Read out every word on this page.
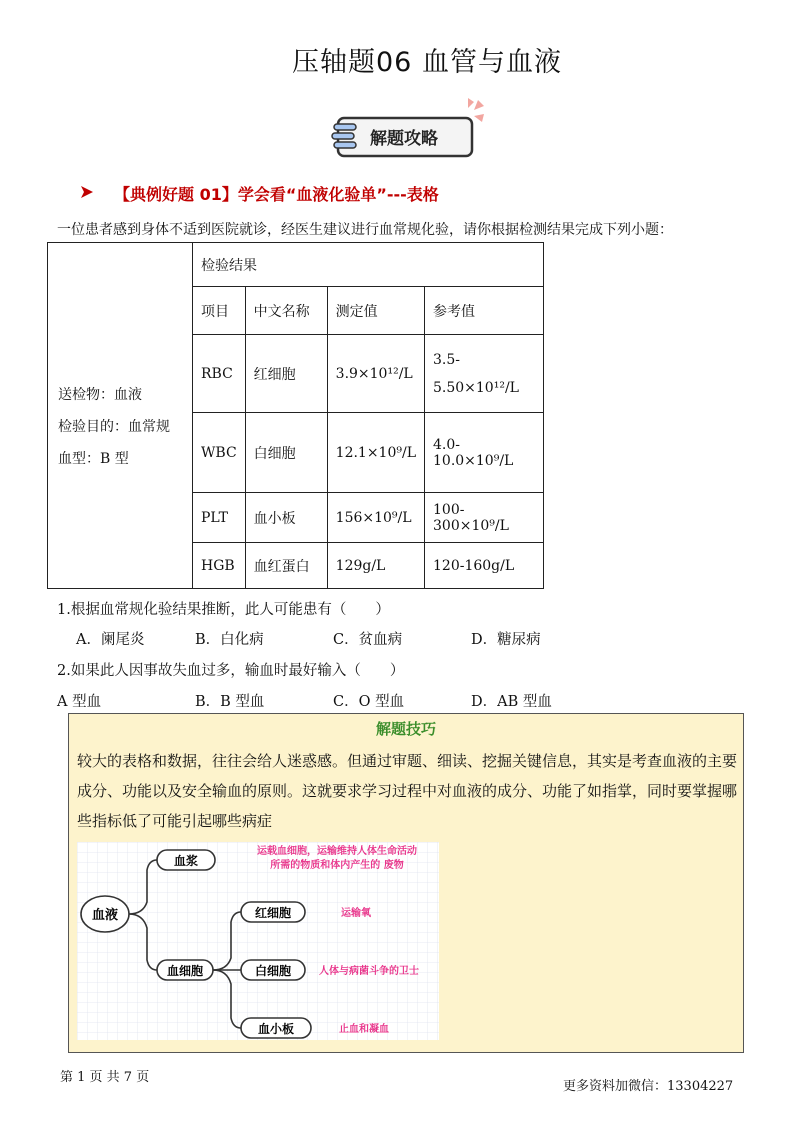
压轴题06 血管与血液
解题攻略
【典例好题 01】学会看“血液化验单”---表格
一位患者感到身体不适到医院就诊，经医生建议进行血常规化验，请你根据检测结果完成下列小题：
送检物：血液
检验目的：血常规
血型：B 型	检验结果			
	项目	中文名称	测定值	参考值
	RBC	红细胞	3.9×10¹²/L	3.5-5.50×10¹²/L
	WBC	白细胞	12.1×10⁹/L	4.0-10.0×10⁹/L
	PLT	血小板	156×10⁹/L	100-300×10⁹/L
	HGB	血红蛋白	129g/L	120-160g/L
1.根据血常规化验结果推断，此人可能患有（　　）
A．阑尾炎	B．白化病	C．贫血病	D．糖尿病
2.如果此人因事故失血过多，输血时最好输入（　　）
A 型血	B．B 型血	C．O 型血	D．AB 型血
解题技巧
较大的表格和数据，往往会给人迷惑感。但通过审题、细读、挖掘关键信息，其实是考查血液的主要成分、功能以及安全输血的原则。这就要求学习过程中对血液的成分、功能了如指掌，同时要掌握哪些指标低了可能引起哪些病症
血液
血浆
血细胞
红细胞
白细胞
血小板
运载血细胞，运输维持人体生命活动
所需的物质和体内产生的 废物
运输氧
人体与病菌斗争的卫士
止血和凝血
第 1 页 共 7 页
更多资料加微信：13304227
